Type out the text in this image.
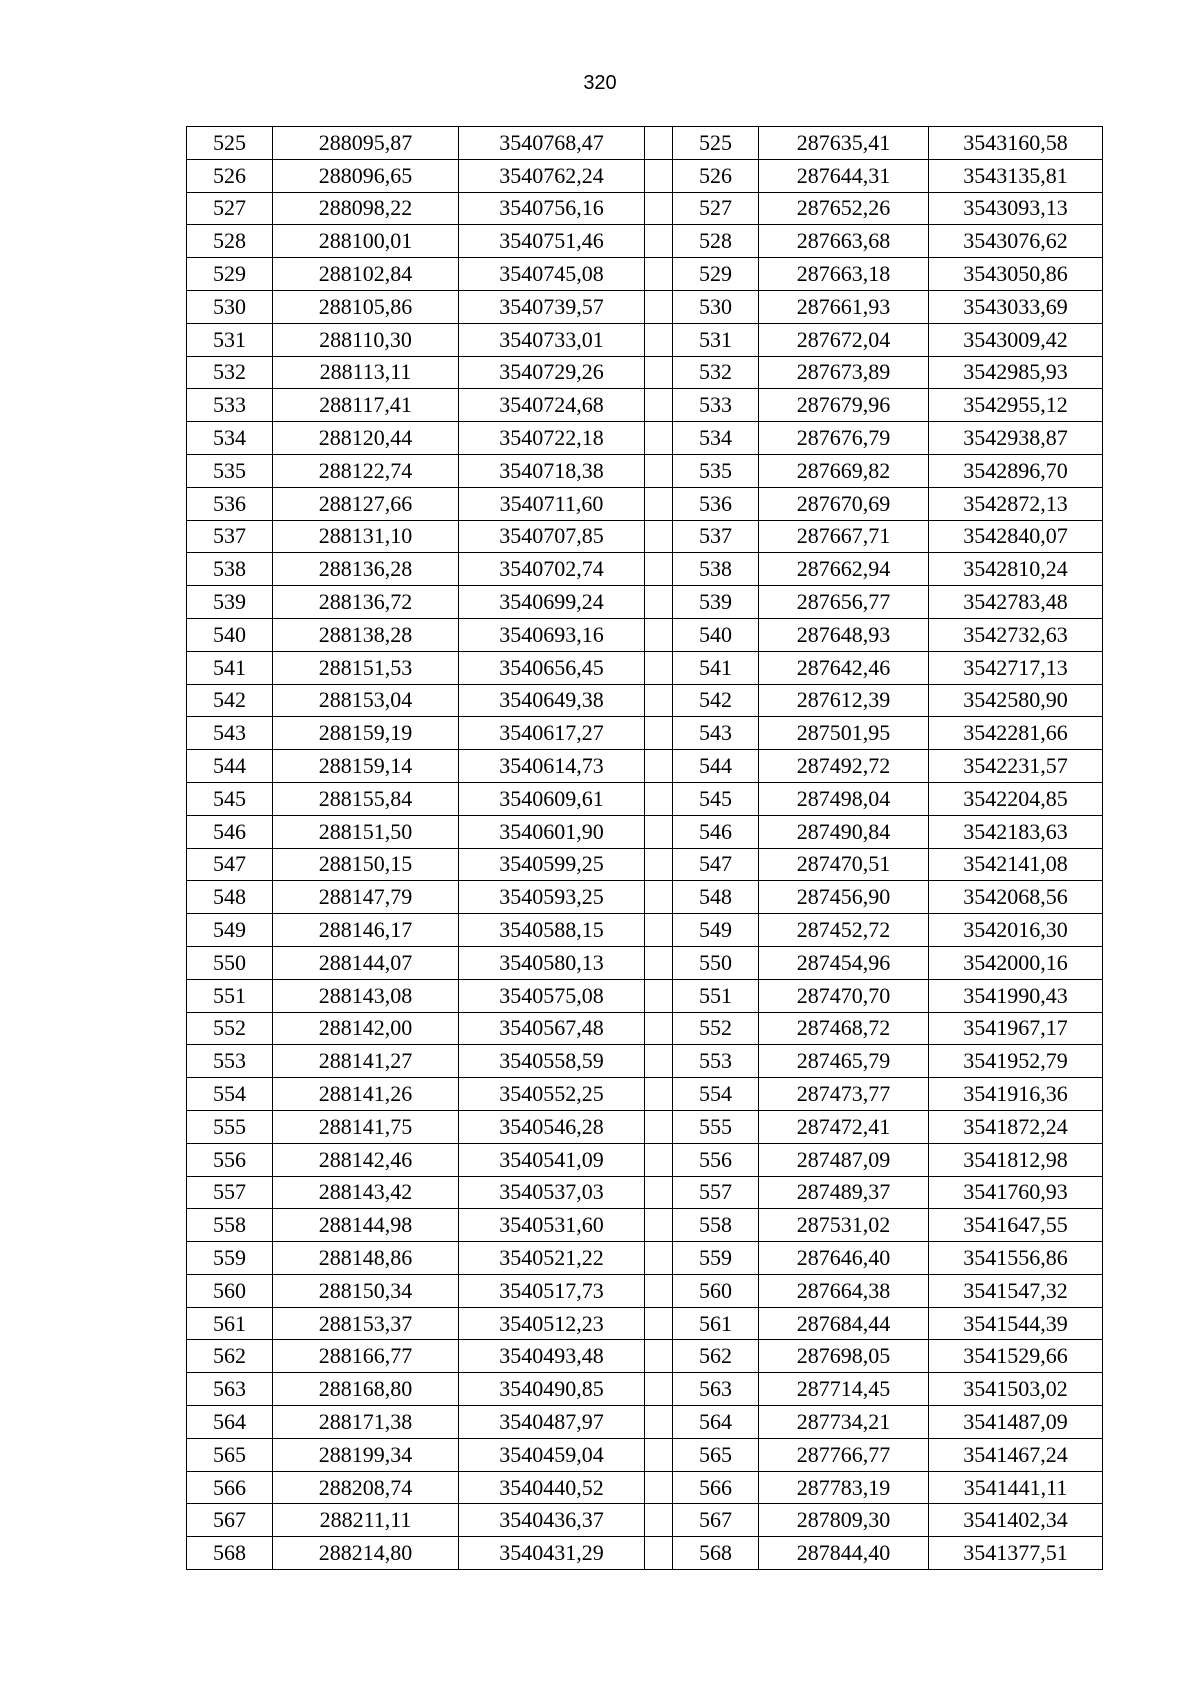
320
525	288095,87	3540768,47		525	287635,41	3543160,58
526	288096,65	3540762,24		526	287644,31	3543135,81
527	288098,22	3540756,16		527	287652,26	3543093,13
528	288100,01	3540751,46		528	287663,68	3543076,62
529	288102,84	3540745,08		529	287663,18	3543050,86
530	288105,86	3540739,57		530	287661,93	3543033,69
531	288110,30	3540733,01		531	287672,04	3543009,42
532	288113,11	3540729,26		532	287673,89	3542985,93
533	288117,41	3540724,68		533	287679,96	3542955,12
534	288120,44	3540722,18		534	287676,79	3542938,87
535	288122,74	3540718,38		535	287669,82	3542896,70
536	288127,66	3540711,60		536	287670,69	3542872,13
537	288131,10	3540707,85		537	287667,71	3542840,07
538	288136,28	3540702,74		538	287662,94	3542810,24
539	288136,72	3540699,24		539	287656,77	3542783,48
540	288138,28	3540693,16		540	287648,93	3542732,63
541	288151,53	3540656,45		541	287642,46	3542717,13
542	288153,04	3540649,38		542	287612,39	3542580,90
543	288159,19	3540617,27		543	287501,95	3542281,66
544	288159,14	3540614,73		544	287492,72	3542231,57
545	288155,84	3540609,61		545	287498,04	3542204,85
546	288151,50	3540601,90		546	287490,84	3542183,63
547	288150,15	3540599,25		547	287470,51	3542141,08
548	288147,79	3540593,25		548	287456,90	3542068,56
549	288146,17	3540588,15		549	287452,72	3542016,30
550	288144,07	3540580,13		550	287454,96	3542000,16
551	288143,08	3540575,08		551	287470,70	3541990,43
552	288142,00	3540567,48		552	287468,72	3541967,17
553	288141,27	3540558,59		553	287465,79	3541952,79
554	288141,26	3540552,25		554	287473,77	3541916,36
555	288141,75	3540546,28		555	287472,41	3541872,24
556	288142,46	3540541,09		556	287487,09	3541812,98
557	288143,42	3540537,03		557	287489,37	3541760,93
558	288144,98	3540531,60		558	287531,02	3541647,55
559	288148,86	3540521,22		559	287646,40	3541556,86
560	288150,34	3540517,73		560	287664,38	3541547,32
561	288153,37	3540512,23		561	287684,44	3541544,39
562	288166,77	3540493,48		562	287698,05	3541529,66
563	288168,80	3540490,85		563	287714,45	3541503,02
564	288171,38	3540487,97		564	287734,21	3541487,09
565	288199,34	3540459,04		565	287766,77	3541467,24
566	288208,74	3540440,52		566	287783,19	3541441,11
567	288211,11	3540436,37		567	287809,30	3541402,34
568	288214,80	3540431,29		568	287844,40	3541377,51
